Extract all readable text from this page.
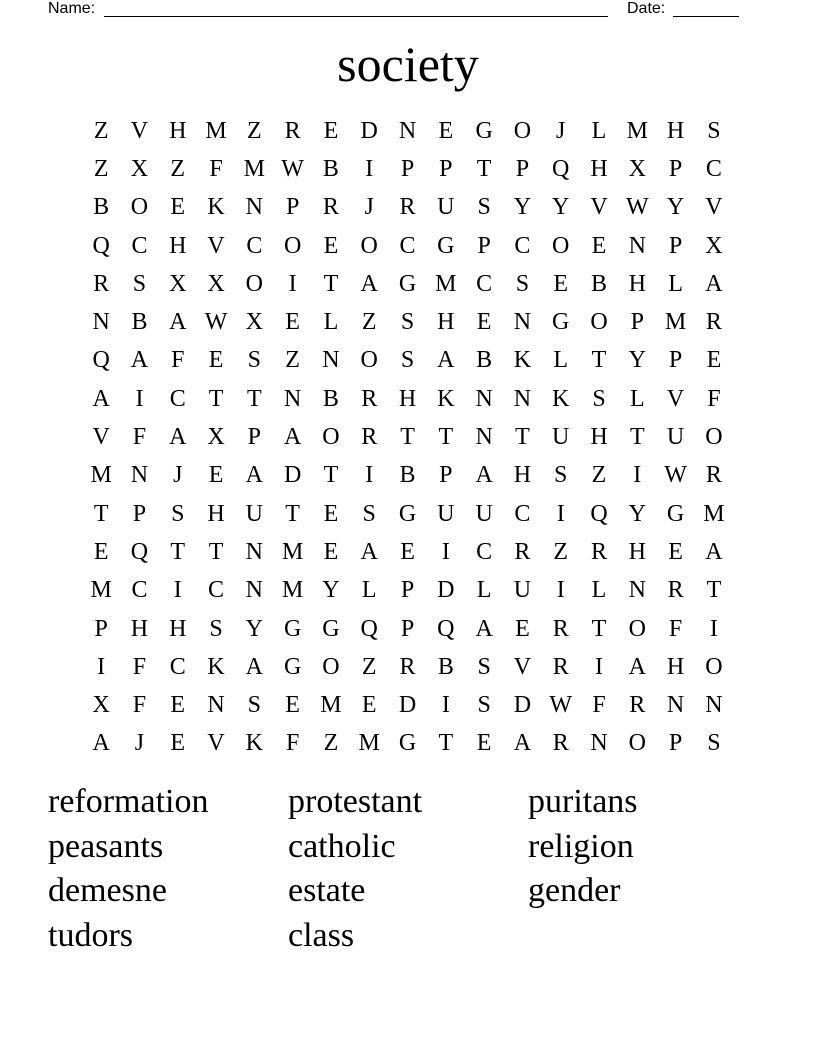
Name:	Date:
society
Z V H M Z R E D N E G O	J	L M H S
Z X Z	F M W B	I	P	P	T	P Q H X P C
B O E K N P R	J	R U S Y Y V W Y V
Q C H V C O E O C G P C O E N P X
R S X X O	I	T A G M C S	E B H L A
N B A W X E L Z	S H E N G O P M R
Q A F	E	S	Z N O S A B K L T Y P	E
A	I	C T T N B R H K N N K S	L V F
V F A X P A O R T T N T U H T U O
M N	J	E A D T	I	B P A H S	Z	I W R
T	P	S H U T E	S G U U C	I	Q Y G M
E Q T T N M E A E	I	C R Z R H E A
M C	I	C N M Y L	P D L U	I	L N R T
P H H S Y G G Q P Q A E R T O F	I
I	F C K A G O Z R B S V R	I	A H O
X F	E N S	E M E D	I	S D W F R N N
A	J	E V K F	Z M G T E A R N O P	S
reformation	protestant	puritans
peasants	catholic	religion
demesne	estate	gender
tudors	class
